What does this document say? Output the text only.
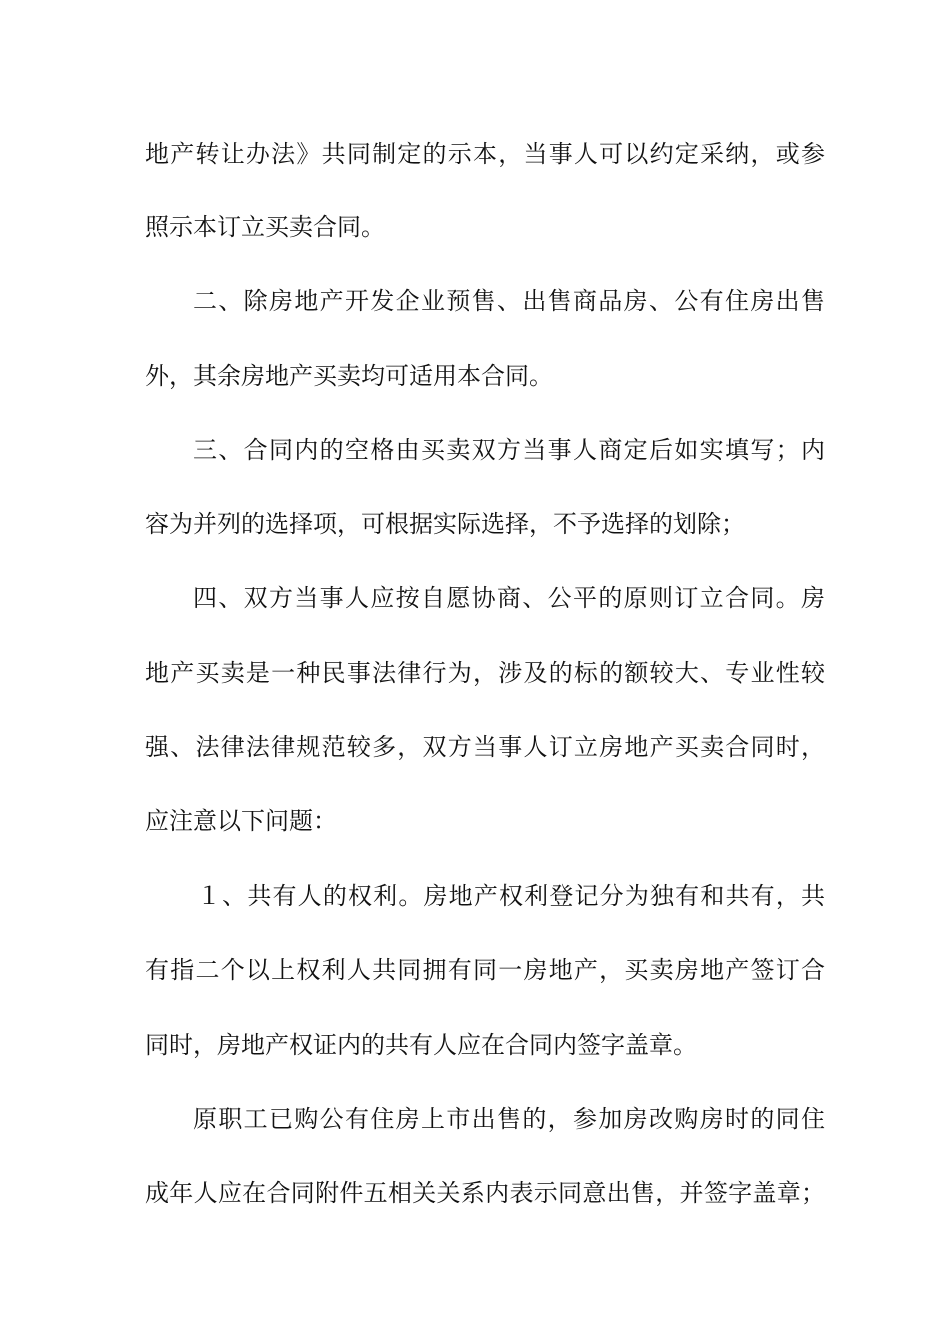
地产转让办法》共同制定的示本，当事人可以约定采纳，或参
照示本订立买卖合同。
二、除房地产开发企业预售、出售商品房、公有住房出售
外，其余房地产买卖均可适用本合同。
三、合同内的空格由买卖双方当事人商定后如实填写；内
容为并列的选择项，可根据实际选择，不予选择的划除；
四、双方当事人应按自愿协商、公平的原则订立合同。房
地产买卖是一种民事法律行为，涉及的标的额较大、专业性较
强、法律法律规范较多，双方当事人订立房地产买卖合同时，
应注意以下问题：
１、共有人的权利。房地产权利登记分为独有和共有，共
有指二个以上权利人共同拥有同一房地产，买卖房地产签订合
同时，房地产权证内的共有人应在合同内签字盖章。
原职工已购公有住房上市出售的，参加房改购房时的同住
成年人应在合同附件五相关关系内表示同意出售，并签字盖章；
